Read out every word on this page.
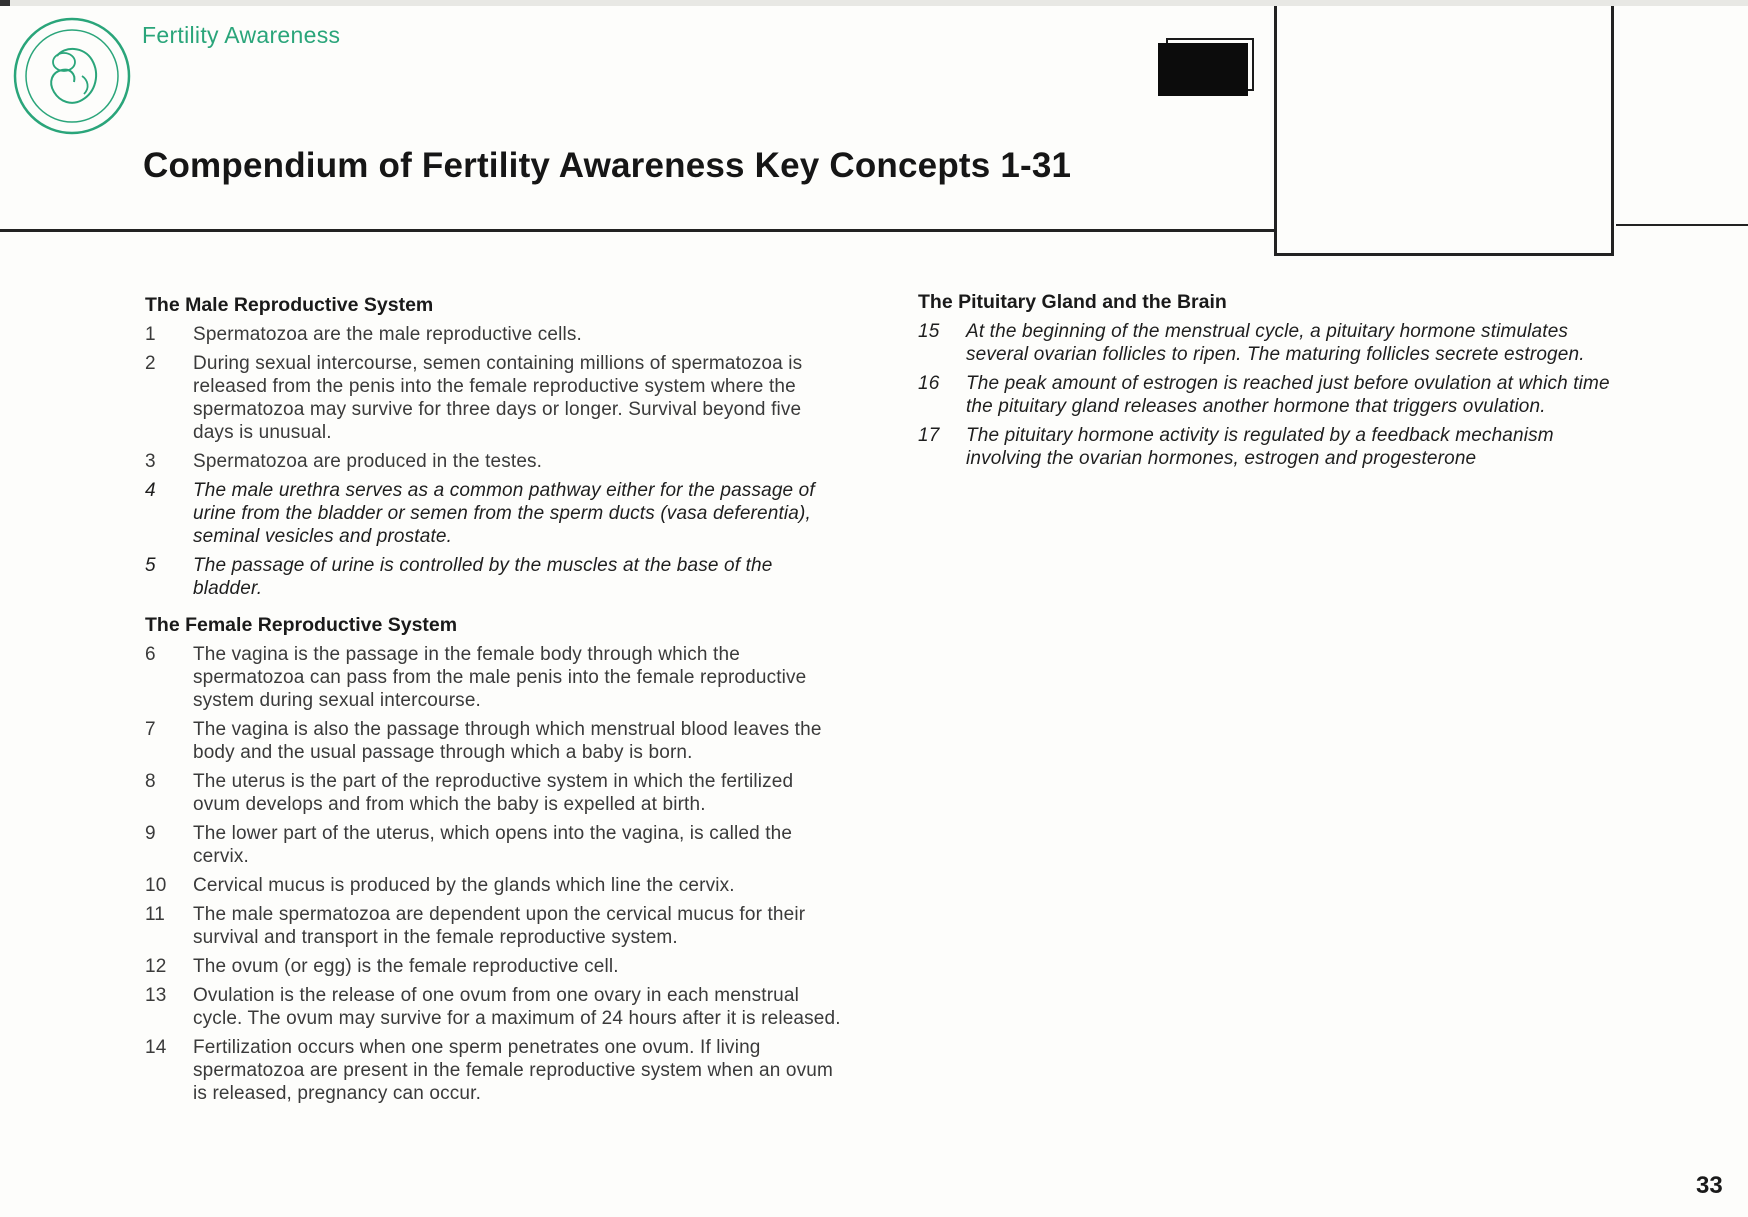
Fertility Awareness
Compendium of Fertility Awareness Key Concepts 1-31
The Male Reproductive System
1 Spermatozoa are the male reproductive cells.
2 During sexual intercourse, semen containing millions of spermatozoa is released from the penis into the female reproductive system where the spermatozoa may survive for three days or longer. Survival beyond five days is unusual.
3 Spermatozoa are produced in the testes.
4 The male urethra serves as a common pathway either for the passage of urine from the bladder or semen from the sperm ducts (vasa deferentia), seminal vesicles and prostate.
5 The passage of urine is controlled by the muscles at the base of the bladder.
The Female Reproductive System
6 The vagina is the passage in the female body through which the spermatozoa can pass from the male penis into the female reproductive system during sexual intercourse.
7 The vagina is also the passage through which menstrual blood leaves the body and the usual passage through which a baby is born.
8 The uterus is the part of the reproductive system in which the fertilized ovum develops and from which the baby is expelled at birth.
9 The lower part of the uterus, which opens into the vagina, is called the cervix.
10 Cervical mucus is produced by the glands which line the cervix.
11 The male spermatozoa are dependent upon the cervical mucus for their survival and transport in the female reproductive system.
12 The ovum (or egg) is the female reproductive cell.
13 Ovulation is the release of one ovum from one ovary in each menstrual cycle. The ovum may survive for a maximum of 24 hours after it is released.
14 Fertilization occurs when one sperm penetrates one ovum. If living spermatozoa are present in the female reproductive system when an ovum is released, pregnancy can occur.
The Pituitary Gland and the Brain
15 At the beginning of the menstrual cycle, a pituitary hormone stimulates several ovarian follicles to ripen. The maturing follicles secrete estrogen.
16 The peak amount of estrogen is reached just before ovulation at which time the pituitary gland releases another hormone that triggers ovulation.
17 The pituitary hormone activity is regulated by a feedback mechanism involving the ovarian hormones, estrogen and progesterone
33
